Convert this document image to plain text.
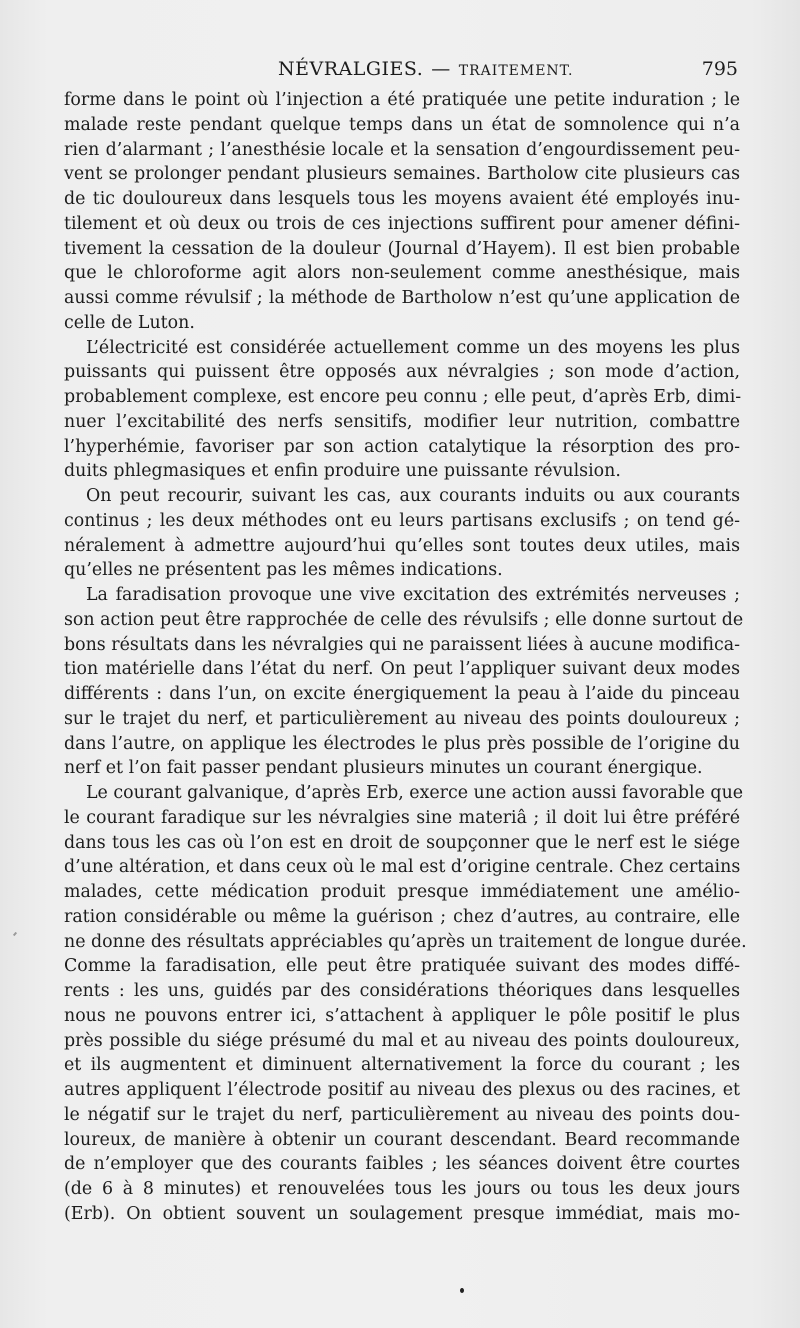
NÉVRALGIES. — TRAITEMENT.	795
forme dans le point où l’injection a été pratiquée une petite induration ; le
malade reste pendant quelque temps dans un état de somnolence qui n’a
rien d’alarmant ; l’anesthésie locale et la sensation d’engourdissement peu-
vent se prolonger pendant plusieurs semaines. Bartholow cite plusieurs cas
de tic douloureux dans lesquels tous les moyens avaient été employés inu-
tilement et où deux ou trois de ces injections suffirent pour amener défini-
tivement la cessation de la douleur (Journal d’Hayem). Il est bien probable
que le chloroforme agit alors non-seulement comme anesthésique, mais
aussi comme révulsif ; la méthode de Bartholow n’est qu’une application de
celle de Luton.
L’électricité est considérée actuellement comme un des moyens les plus
puissants qui puissent être opposés aux névralgies ; son mode d’action,
probablement complexe, est encore peu connu ; elle peut, d’après Erb, dimi-
nuer l’excitabilité des nerfs sensitifs, modifier leur nutrition, combattre
l’hyperhémie, favoriser par son action catalytique la résorption des pro-
duits phlegmasiques et enfin produire une puissante révulsion.
On peut recourir, suivant les cas, aux courants induits ou aux courants
continus ; les deux méthodes ont eu leurs partisans exclusifs ; on tend gé-
néralement à admettre aujourd’hui qu’elles sont toutes deux utiles, mais
qu’elles ne présentent pas les mêmes indications.
La faradisation provoque une vive excitation des extrémités nerveuses ;
son action peut être rapprochée de celle des révulsifs ; elle donne surtout de
bons résultats dans les névralgies qui ne paraissent liées à aucune modifica-
tion matérielle dans l’état du nerf. On peut l’appliquer suivant deux modes
différents : dans l’un, on excite énergiquement la peau à l’aide du pinceau
sur le trajet du nerf, et particulièrement au niveau des points douloureux ;
dans l’autre, on applique les électrodes le plus près possible de l’origine du
nerf et l’on fait passer pendant plusieurs minutes un courant énergique.
Le courant galvanique, d’après Erb, exerce une action aussi favorable que
le courant faradique sur les névralgies sine materiâ ; il doit lui être préféré
dans tous les cas où l’on est en droit de soupçonner que le nerf est le siége
d’une altération, et dans ceux où le mal est d’origine centrale. Chez certains
malades, cette médication produit presque immédiatement une amélio-
ration considérable ou même la guérison ; chez d’autres, au contraire, elle
ne donne des résultats appréciables qu’après un traitement de longue durée.
Comme la faradisation, elle peut être pratiquée suivant des modes diffé-
rents : les uns, guidés par des considérations théoriques dans lesquelles
nous ne pouvons entrer ici, s’attachent à appliquer le pôle positif le plus
près possible du siége présumé du mal et au niveau des points douloureux,
et ils augmentent et diminuent alternativement la force du courant ; les
autres appliquent l’électrode positif au niveau des plexus ou des racines, et
le négatif sur le trajet du nerf, particulièrement au niveau des points dou-
loureux, de manière à obtenir un courant descendant. Beard recommande
de n’employer que des courants faibles ; les séances doivent être courtes
(de 6 à 8 minutes) et renouvelées tous les jours ou tous les deux jours
(Erb). On obtient souvent un soulagement presque immédiat, mais mo-
